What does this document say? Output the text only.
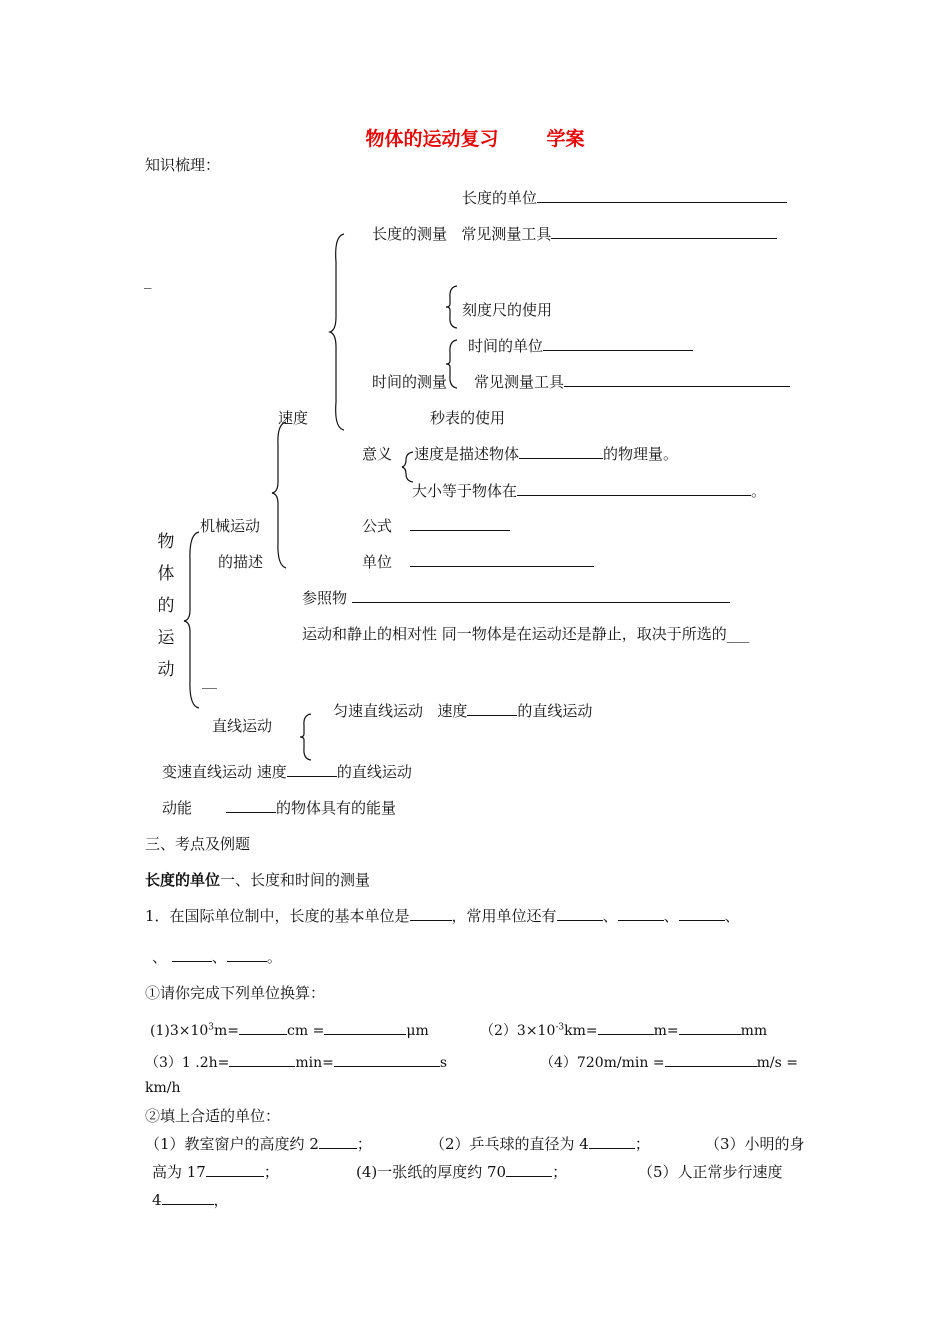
物体的运动复习	学案
知识梳理：
长度的单位
长度的测量 常见测量工具
_
刻度尺的使用
时间的单位
时间的测量 常见测量工具
秒表的使用
速度
意义 速度是描述物体	的物理量。
大小等于物体在	。
公式
单位
机械运动
的描述
物
体
的
运
动
参照物
运动和静止的相对性 同一物体是在运动还是静止，取决于所选的___
__
直线运动
匀速直线运动 速度	的直线运动
变速直线运动 速度	的直线运动
动能	的物体具有的能量
三、考点及例题
长度的单位一、长度和时间的测量
1．在国际单位制中，长度的基本单位是	，常用单位还有	、	、	、
、	、	。
①请你完成下列单位换算：
$(1)3\times 10^3m=$	cm =	μm	$(2)3\times 10^{-3}km=$	m=	mm
（3）1 .2h=	min=	s	（4）720m/min =	m/s =
km/h
②填上合适的单位：
（1）教室窗户的高度约 2	；	（2）乒乓球的直径为 4	；	（3）小明的身
高为 17	；	(4)一张纸的厚度约 70	；	（5）人正常步行速度
4	，
